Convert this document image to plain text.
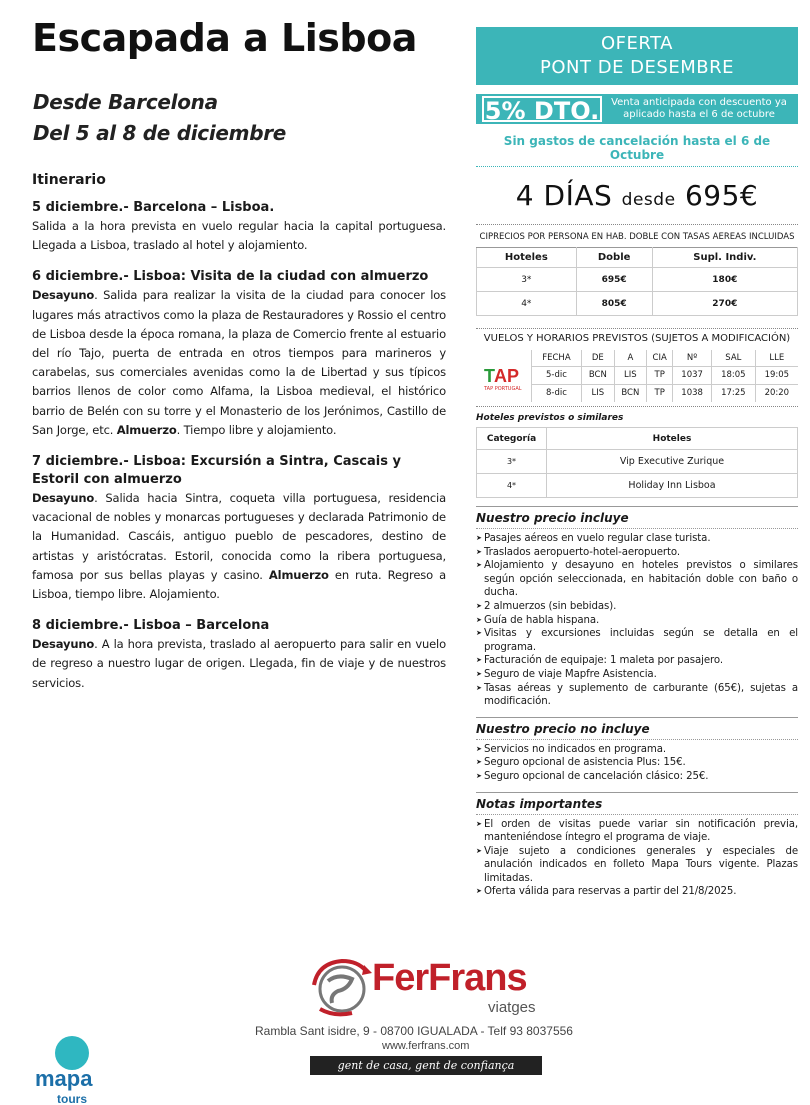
Escapada a Lisboa
Desde Barcelona
Del 5 al 8 de diciembre
Itinerario
5 diciembre.- Barcelona – Lisboa.
Salida a la hora prevista en vuelo regular hacia la capital portuguesa. Llegada a Lisboa, traslado al hotel y alojamiento.
6 diciembre.- Lisboa: Visita de la ciudad con almuerzo
Desayuno. Salida para realizar la visita de la ciudad para conocer los lugares más atractivos como la plaza de Restauradores y Rossio el centro de Lisboa desde la época romana, la plaza de Comercio frente al estuario del río Tajo, puerta de entrada en otros tiempos para marineros y carabelas, sus comerciales avenidas como la de Libertad y sus típicos barrios llenos de color como Alfama, la Lisboa medieval, el histórico barrio de Belén con su torre y el Monasterio de los Jerónimos, Castillo de San Jorge, etc. Almuerzo. Tiempo libre y alojamiento.
7 diciembre.- Lisboa: Excursión a Sintra, Cascais y Estoril con almuerzo
Desayuno. Salida hacia Sintra, coqueta villa portuguesa, residencia vacacional de nobles y monarcas portugueses y declarada Patrimonio de la Humanidad. Cascáis, antiguo pueblo de pescadores, destino de artistas y aristócratas. Estoril, conocida como la ribera portuguesa, famosa por sus bellas playas y casino. Almuerzo en ruta. Regreso a Lisboa, tiempo libre. Alojamiento.
8 diciembre.- Lisboa – Barcelona
Desayuno. A la hora prevista, traslado al aeropuerto para salir en vuelo de regreso a nuestro lugar de origen. Llegada, fin de viaje y de nuestros servicios.
OFERTA
PONT DE DESEMBRE
5% DTO.	Venta anticipada con descuento ya aplicado hasta el 6 de octubre
Sin gastos de cancelación hasta el 6 de Octubre
4 DÍAS desde 695€
CIPRECIOS POR PERSONA EN HAB. DOBLE CON TASAS AEREAS INCLUIDAS
Hoteles	Doble	Supl. Indiv.
3*	695€	180€
4*	805€	270€
VUELOS Y HORARIOS PREVISTOS (SUJETOS A MODIFICACIÓN)
T AP
TAP PORTUGAL
FECHA	DE	A	CIA	Nº	SAL	LLE
5-dic	BCN	LIS	TP	1037	18:05	19:05
8-dic	LIS	BCN	TP	1038	17:25	20:20
Hoteles previstos o similares
Categoría	Hoteles
3*	Vip Executive Zurique
4*	Holiday Inn Lisboa
Nuestro precio incluye
➤ Pasajes aéreos en vuelo regular clase turista.
➤ Traslados aeropuerto-hotel-aeropuerto.
➤ Alojamiento y desayuno en hoteles previstos o similares según opción seleccionada, en habitación doble con baño o ducha.
➤ 2 almuerzos (sin bebidas).
➤ Guía de habla hispana.
➤ Visitas y excursiones incluidas según se detalla en el programa.
➤ Facturación de equipaje: 1 maleta por pasajero.
➤ Seguro de viaje Mapfre Asistencia.
➤ Tasas aéreas y suplemento de carburante (65€), sujetas a modificación.
Nuestro precio no incluye
➤ Servicios no indicados en programa.
➤ Seguro opcional de asistencia Plus: 15€.
➤ Seguro opcional de cancelación clásico: 25€.
Notas importantes
➤ El orden de visitas puede variar sin notificación previa, manteniéndose íntegro el programa de viaje.
➤ Viaje sujeto a condiciones generales y especiales de anulación indicados en folleto Mapa Tours vigente. Plazas limitadas.
➤ Oferta válida para reservas a partir del 21/8/2025.
FerFrans
viatges
Rambla Sant isidre, 9 - 08700 IGUALADA - Telf 93 8037556
www.ferfrans.com
gent de casa, gent de confiança
mapa
tours
